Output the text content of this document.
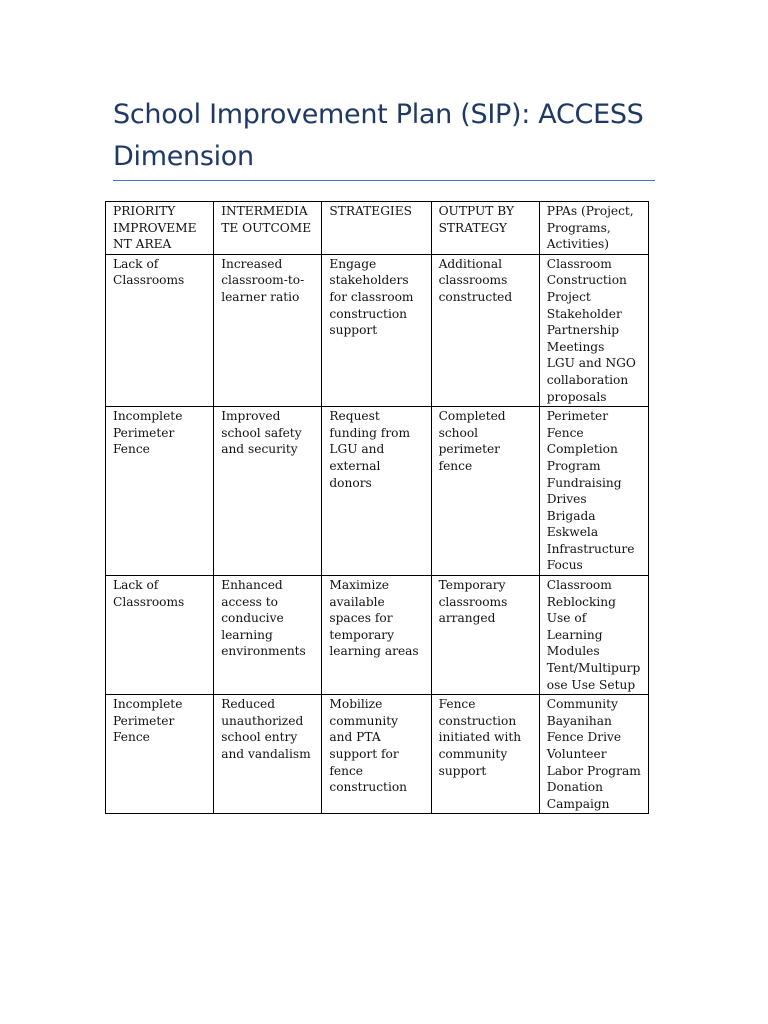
School Improvement Plan (SIP): ACCESS Dimension
PRIORITY IMPROVEMENT AREA	INTERMEDIATE OUTCOME	STRATEGIES	OUTPUT BY STRATEGY	PPAs (Project, Programs, Activities)
Lack of Classrooms	Increased classroom-to-learner ratio	Engage stakeholders for classroom construction support	Additional classrooms constructed	Classroom Construction Project
Stakeholder Partnership Meetings
LGU and NGO collaboration proposals

Incomplete Perimeter Fence	Improved school safety and security	Request funding from LGU and external donors	Completed school perimeter fence	Perimeter Fence Completion Program
Fundraising Drives
Brigada Eskwela Infrastructure Focus

Lack of Classrooms	Enhanced access to conducive learning environments	Maximize available spaces for temporary learning areas	Temporary classrooms arranged	Classroom Reblocking
Use of Learning Modules
Tent/Multipurpose Use Setup

Incomplete Perimeter Fence	Reduced unauthorized school entry and vandalism	Mobilize community and PTA support for fence construction	Fence construction initiated with community support	Community Bayanihan Fence Drive
Volunteer Labor Program
Donation Campaign
